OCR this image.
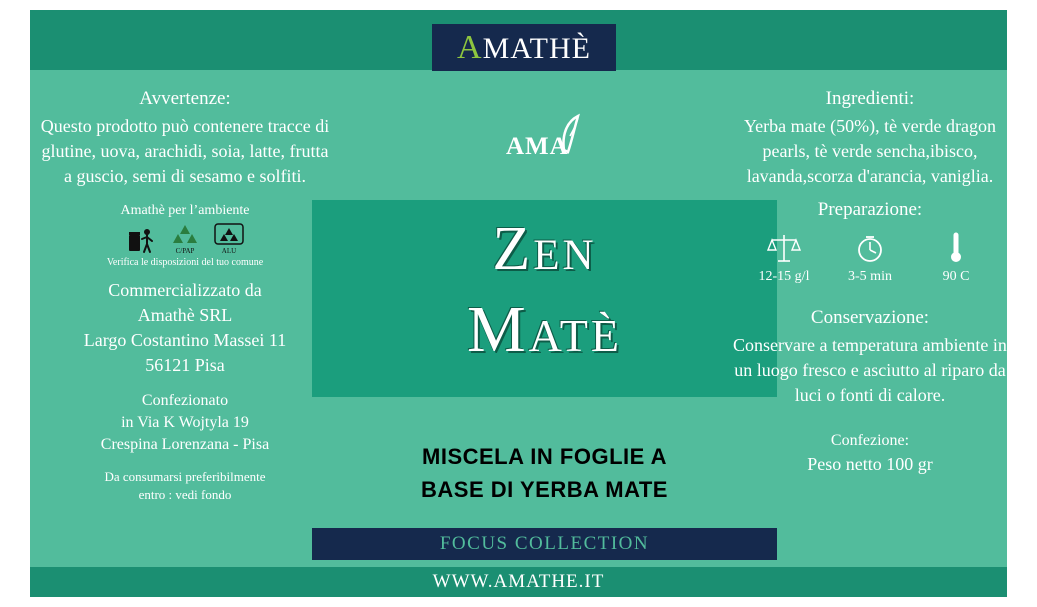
AMATHÈ

Avvertenze:

Questo prodotto può contenere tracce di glutine, uova, arachidi, soia, latte, frutta a guscio, semi di sesamo e solfiti.

Amathè per l’ambiente

C/PAP	ALU

Verifica le disposizioni del tuo comune

Commercializzato da

Amathè SRL

Largo Costantino Massei 11

56121 Pisa

Confezionato

in Via K Wojtyla 19

Crespina Lorenzana - Pisa

Da consumarsi preferibilmente

entro : vedi fondo

AMA
Zen
Matè
MISCELA IN FOGLIE A
BASE DI YERBA MATE
FOCUS COLLECTION

Ingredienti:

Yerba mate (50%), tè verde dragon pearls, tè verde sencha,ibisco, lavanda,scorza d'arancia, vaniglia.

Preparazione:

12-15 g/l	3-5 min	90 C

Conservazione:

Conservare a temperatura ambiente in un luogo fresco e asciutto al riparo da luci o fonti di calore.

Confezione:

Peso netto 100 gr

WWW.AMATHE.IT
